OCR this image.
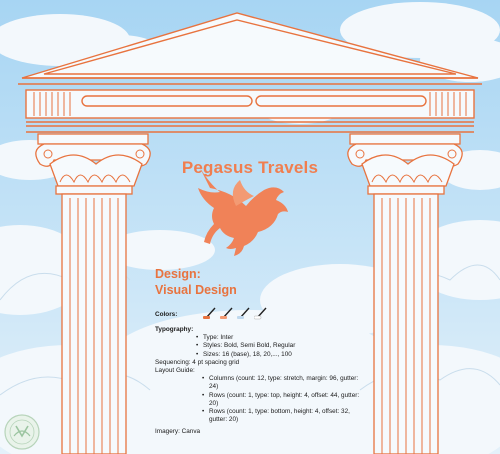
Pegasus Travels
Design:
Visual Design
Colors:
Typography:
• Type: Inter
• Styles: Bold, Semi Bold, Regular
• Sizes: 16 (base), 18, 20,..., 100
Sequencing: 4 pt spacing grid
Layout Guide:
• Columns (count: 12, type: stretch, margin: 96, gutter: 24)
• Rows (count: 1, type: top, height: 4, offset: 44, gutter: 20)
• Rows (count: 1, type: bottom, height: 4, offset: 32, gutter: 20)
Imagery: Canva
